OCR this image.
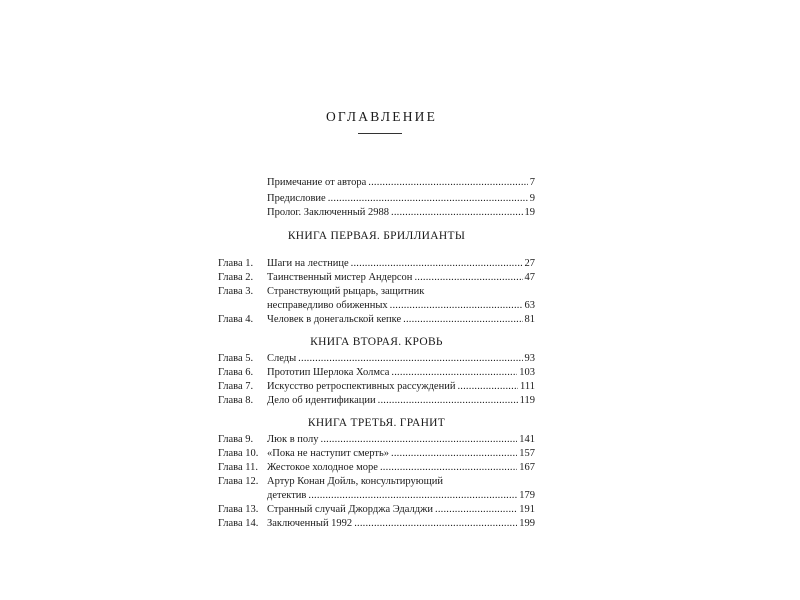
ОГЛАВЛЕНИЕ
Примечание от автора .....	7
Предисловие .....	9
Пролог. Заключенный 2988 .....	19
КНИГА ПЕРВАЯ. БРИЛЛИАНТЫ
Глава 1. Шаги на лестнице .....	27
Глава 2. Таинственный мистер Андерсон .....	47
Глава 3. Странствующий рыцарь, защитник
несправедливо обиженных .....	63
Глава 4. Человек в донегальской кепке .....	81
КНИГА ВТОРАЯ. КРОВЬ
Глава 5. Следы .....	93
Глава 6. Прототип Шерлока Холмса .....	103
Глава 7. Искусство ретроспективных рассуждений .....	111
Глава 8. Дело об идентификации .....	119
КНИГА ТРЕТЬЯ. ГРАНИТ
Глава 9. Люк в полу .....	141
Глава 10. «Пока не наступит смерть» .....	157
Глава 11. Жестокое холодное море .....	167
Глава 12. Артур Конан Дойль, консультирующий
детектив .....	179
Глава 13. Странный случай Джорджа Эдалджи .....	191
Глава 14. Заключенный 1992 .....	199
